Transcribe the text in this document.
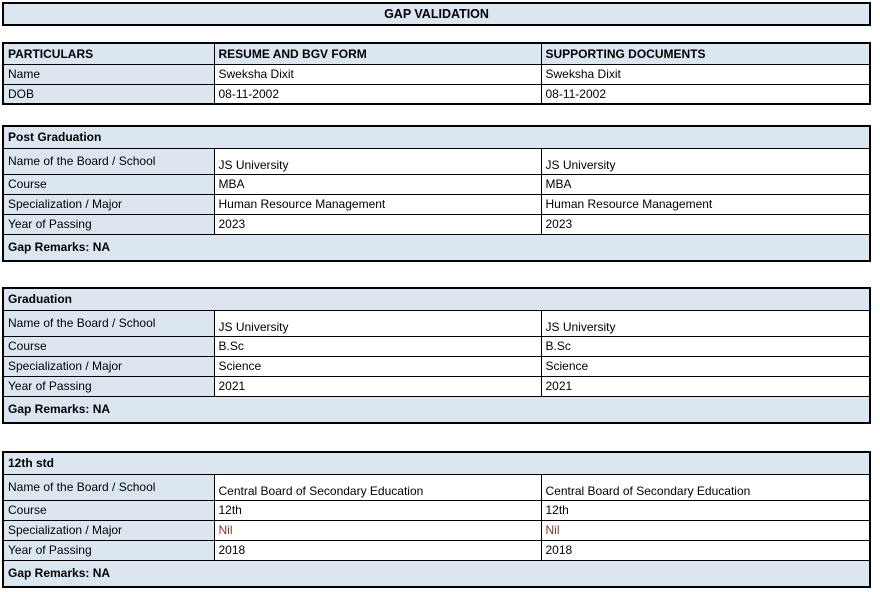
GAP VALIDATION
PARTICULARS	RESUME AND BGV FORM	SUPPORTING DOCUMENTS
Name	Sweksha Dixit	Sweksha Dixit
DOB	08-11-2002	08-11-2002
Post Graduation		
Name of the Board / School	JS University	JS University
Course	MBA	MBA
Specialization / Major	Human Resource Management	Human Resource Management
Year of Passing	2023	2023
Gap Remarks: NA		
Graduation		
Name of the Board / School	JS University	JS University
Course	B.Sc	B.Sc
Specialization / Major	Science	Science
Year of Passing	2021	2021
Gap Remarks: NA		
12th std		
Name of the Board / School	Central Board of Secondary Education	Central Board of Secondary Education
Course	12th	12th
Specialization / Major	Nil	Nil
Year of Passing	2018	2018
Gap Remarks: NA		
